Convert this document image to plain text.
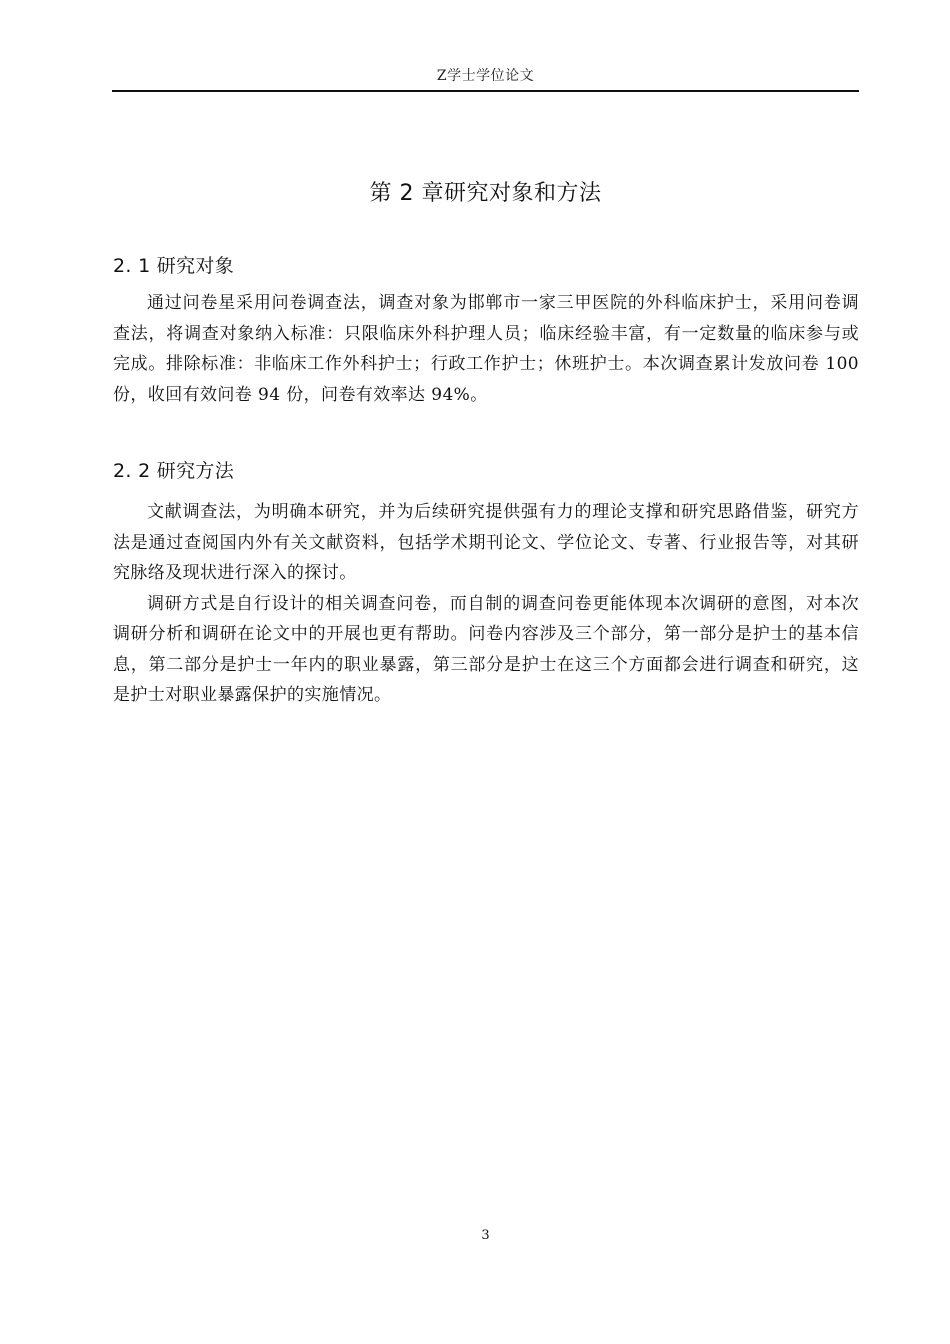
Z学士学位论文
第 2 章研究对象和方法
2. 1 研究对象

通过问卷星采用问卷调查法，调查对象为邯郸市一家三甲医院的外科临床护士，采用问卷调查法，将调查对象纳入标准：只限临床外科护理人员；临床经验丰富，有一定数量的临床参与或完成。排除标准：非临床工作外科护士；行政工作护士；休班护士。本次调查累计发放问卷 100 份，收回有效问卷 94 份，问卷有效率达 94%。

2. 2 研究方法

文献调查法，为明确本研究，并为后续研究提供强有力的理论支撑和研究思路借鉴，研究方法是通过查阅国内外有关文献资料，包括学术期刊论文、学位论文、专著、行业报告等，对其研究脉络及现状进行深入的探讨。

调研方式是自行设计的相关调查问卷，而自制的调查问卷更能体现本次调研的意图，对本次调研分析和调研在论文中的开展也更有帮助。问卷内容涉及三个部分，第一部分是护士的基本信息，第二部分是护士一年内的职业暴露，第三部分是护士在这三个方面都会进行调查和研究，这是护士对职业暴露保护的实施情况。

3
